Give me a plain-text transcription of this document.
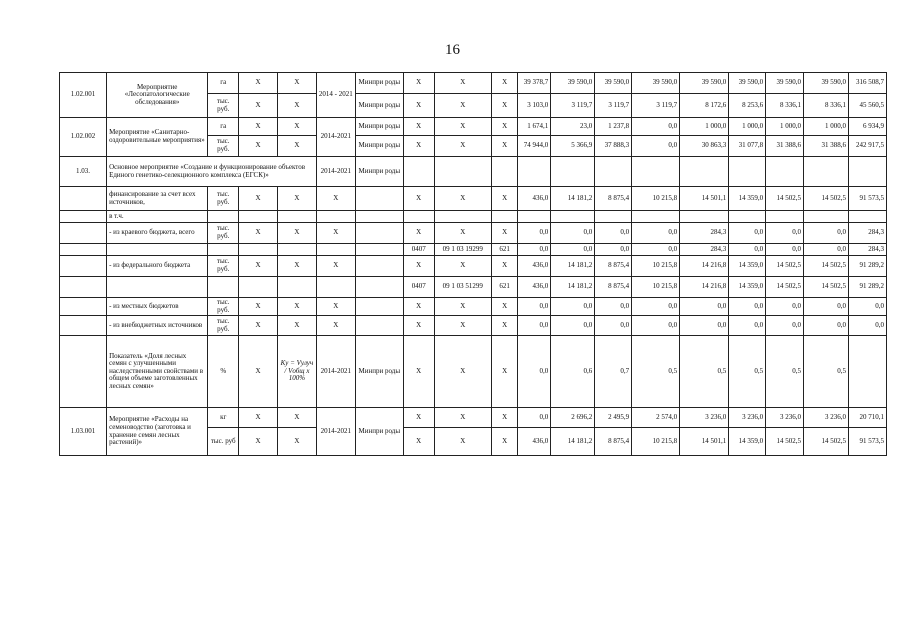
16
1.02.001	Мероприятие «Лесопатологические обследования»	га	X	X	2014 - 2021	Минпри роды	X	X	X	39 378,7	39 590,0	39 590,0	39 590,0	39 590,0	39 590,0	39 590,0	39 590,0	316 508,7
		тыс. руб.	X	X		Минпри роды	X	X	X	3 103,0	3 119,7	3 119,7	3 119,7	8 172,6	8 253,6	8 336,1	8 336,1	45 560,5
1.02.002	Мероприятие «Санитарно-оздоровительные мероприятия»	га	X	X	2014-2021	Минпри роды	X	X	X	1 674,1	23,0	1 237,8	0,0	1 000,0	1 000,0	1 000,0	1 000,0	6 934,9
		тыс. руб.	X	X		Минпри роды	X	X	X	74 944,0	5 366,9	37 888,3	0,0	30 863,3	31 077,8	31 388,6	31 388,6	242 917,5
1.03.	Основное мероприятие «Создание и функционирование объектов Единого генетико-селекционного комплекса (ЕГСК)»				2014-2021	Минпри роды												
	финансирование за счет всех источников,	тыс. руб.	X	X	X		X	X	X	436,0	14 181,2	8 875,4	10 215,8	14 501,1	14 359,0	14 502,5	14 502,5	91 573,5
	в т.ч.																	
	- из краевого бюджета, всего	тыс. руб.	X	X	X		X	X	X	0,0	0,0	0,0	0,0	284,3	0,0	0,0	0,0	284,3
							0407	09 1 03 19299	621	0,0	0,0	0,0	0,0	284,3	0,0	0,0	0,0	284,3
	- из федерального бюджета	тыс. руб.	X	X	X		X	X	X	436,0	14 181,2	8 875,4	10 215,8	14 216,8	14 359,0	14 502,5	14 502,5	91 289,2
							0407	09 1 03 51299	621	436,0	14 181,2	8 875,4	10 215,8	14 216,8	14 359,0	14 502,5	14 502,5	91 289,2
	- из местных бюджетов	тыс. руб.	X	X	X		X	X	X	0,0	0,0	0,0	0,0	0,0	0,0	0,0	0,0	0,0
	- из внебюджетных источников	тыс. руб.	X	X	X		X	X	X	0,0	0,0	0,0	0,0	0,0	0,0	0,0	0,0	0,0
	Показатель «Доля лесных семян с улучшенными наследственными свойствами в общем объеме заготовленных лесных семян»	%	X	Kу = Vулуч / Vобщ x 100%	2014-2021	Минпри роды	X	X	X	0,0	0,6	0,7	0,5	0,5	0,5	0,5	0,5	
1.03.001	Мероприятие «Расходы на семеноводство (заготовка и хранение семян лесных растений)»	кг	X	X	2014-2021	Минпри роды	X	X	X	0,0	2 696,2	2 495,9	2 574,0	3 236,0	3 236,0	3 236,0	3 236,0	20 710,1
		тыс. руб	X	X			X	X	X	436,0	14 181,2	8 875,4	10 215,8	14 501,1	14 359,0	14 502,5	14 502,5	91 573,5
